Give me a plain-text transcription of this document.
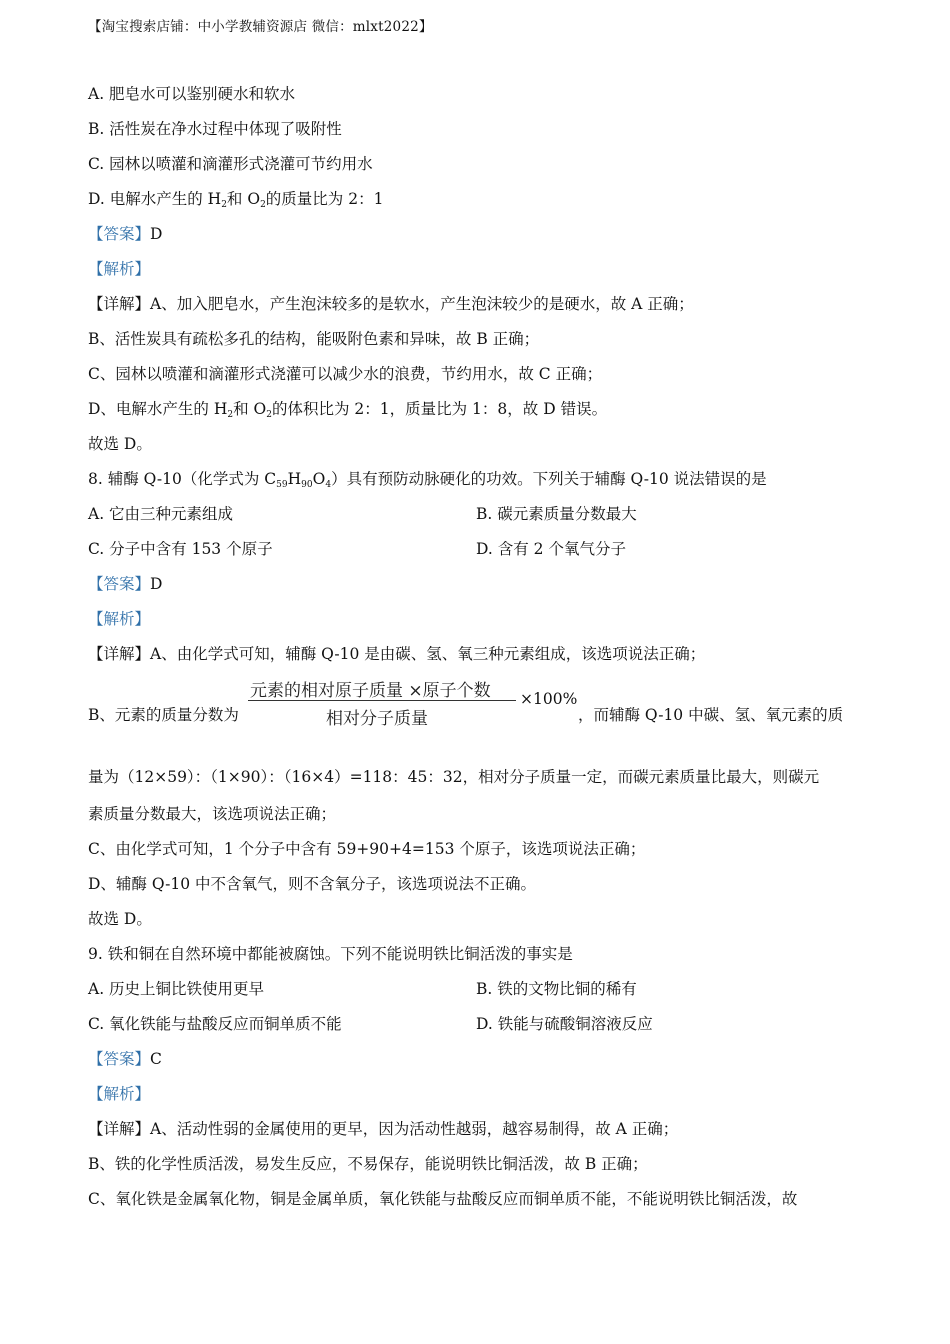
【淘宝搜索店铺：中小学教辅资源店 微信：mlxt2022】
A. 肥皂水可以鉴别硬水和软水
B. 活性炭在净水过程中体现了吸附性
C. 园林以喷灌和滴灌形式浇灌可节约用水
D. 电解水产生的 $H_2$和 $O_2$的质量比为 2：1
【答案】D
【解析】
【详解】A、加入肥皂水，产生泡沫较多的是软水，产生泡沫较少的是硬水，故 A 正确；
B、活性炭具有疏松多孔的结构，能吸附色素和异味，故 B 正确；
C、园林以喷灌和滴灌形式浇灌可以减少水的浪费，节约用水，故 C 正确；
D、电解水产生的 $H_2$和 $O_2$的体积比为 2：1，质量比为 1：8，故 D 错误。
故选 D。
8. 辅酶 Q-10（化学式为 $C_{59}H_{90}O_4$）具有预防动脉硬化的功效。下列关于辅酶 Q-10 说法错误的是
A. 它由三种元素组成	B. 碳元素质量分数最大
C. 分子中含有 153 个原子	D. 含有 2 个氧气分子
【答案】D
【解析】
【详解】A、由化学式可知，辅酶 Q-10 是由碳、氢、氧三种元素组成，该选项说法正确；
B、元素的质量分数为
元素的相对原子质量 ×原子个数
相对分子质量
×100%
，而辅酶 Q-10 中碳、氢、氧元素的质
量为（12×59）：（1×90）：（16×4）=118：45：32，相对分子质量一定，而碳元素质量比最大，则碳元
素质量分数最大，该选项说法正确；
C、由化学式可知，1 个分子中含有 59+90+4=153 个原子，该选项说法正确；
D、辅酶 Q-10 中不含氧气，则不含氧分子，该选项说法不正确。
故选 D。
9. 铁和铜在自然环境中都能被腐蚀。下列不能说明铁比铜活泼的事实是
A. 历史上铜比铁使用更早	B. 铁的文物比铜的稀有
C. 氧化铁能与盐酸反应而铜单质不能	D. 铁能与硫酸铜溶液反应
【答案】C
【解析】
【详解】A、活动性弱的金属使用的更早，因为活动性越弱，越容易制得，故 A 正确；
B、铁的化学性质活泼，易发生反应，不易保存，能说明铁比铜活泼，故 B 正确；
C、氧化铁是金属氧化物，铜是金属单质，氧化铁能与盐酸反应而铜单质不能，不能说明铁比铜活泼，故
